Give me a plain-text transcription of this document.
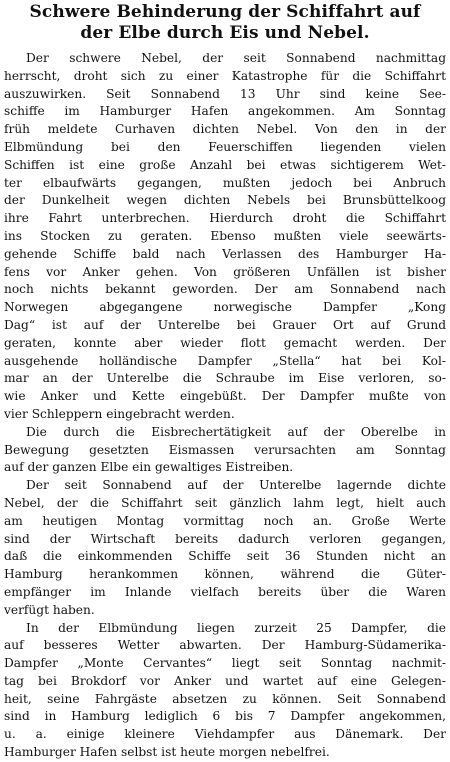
Schwere Behinderung der Schiffahrt auf
der Elbe durch Eis und Nebel.
Der schwere Nebel, der seit Sonnabend nachmittag
herrscht, droht sich zu einer Katastrophe für die Schiffahrt
auszuwirken. Seit Sonnabend 13 Uhr sind keine See-
schiffe im Hamburger Hafen angekommen. Am Sonntag
früh meldete Curhaven dichten Nebel. Von den in der
Elbmündung bei den Feuerschiffen liegenden vielen
Schiffen ist eine große Anzahl bei etwas sichtigerem Wet-
ter elbaufwärts gegangen, mußten jedoch bei Anbruch
der Dunkelheit wegen dichten Nebels bei Brunsbüttelkoog
ihre Fahrt unterbrechen. Hierdurch droht die Schiffahrt
ins Stocken zu geraten. Ebenso mußten viele seewärts-
gehende Schiffe bald nach Verlassen des Hamburger Ha-
fens vor Anker gehen. Von größeren Unfällen ist bisher
noch nichts bekannt geworden. Der am Sonnabend nach
Norwegen abgegangene norwegische Dampfer „Kong
Dag“ ist auf der Unterelbe bei Grauer Ort auf Grund
geraten, konnte aber wieder flott gemacht werden. Der
ausgehende holländische Dampfer „Stella“ hat bei Kol-
mar an der Unterelbe die Schraube im Eise verloren, so-
wie Anker und Kette eingebüßt. Der Dampfer mußte von
vier Schleppern eingebracht werden.
Die durch die Eisbrechertätigkeit auf der Oberelbe in
Bewegung gesetzten Eismassen verursachten am Sonntag
auf der ganzen Elbe ein gewaltiges Eistreiben.
Der seit Sonnabend auf der Unterelbe lagernde dichte
Nebel, der die Schiffahrt seit gänzlich lahm legt, hielt auch
am heutigen Montag vormittag noch an. Große Werte
sind der Wirtschaft bereits dadurch verloren gegangen,
daß die einkommenden Schiffe seit 36 Stunden nicht an
Hamburg herankommen können, während die Güter-
empfänger im Inlande vielfach bereits über die Waren
verfügt haben.
In der Elbmündung liegen zurzeit 25 Dampfer, die
auf besseres Wetter abwarten. Der Hamburg-Südamerika-
Dampfer „Monte Cervantes“ liegt seit Sonntag nachmit-
tag bei Brokdorf vor Anker und wartet auf eine Gelegen-
heit, seine Fahrgäste absetzen zu können. Seit Sonnabend
sind in Hamburg lediglich 6 bis 7 Dampfer angekommen,
u. a. einige kleinere Viehdampfer aus Dänemark. Der
Hamburger Hafen selbst ist heute morgen nebelfrei.
